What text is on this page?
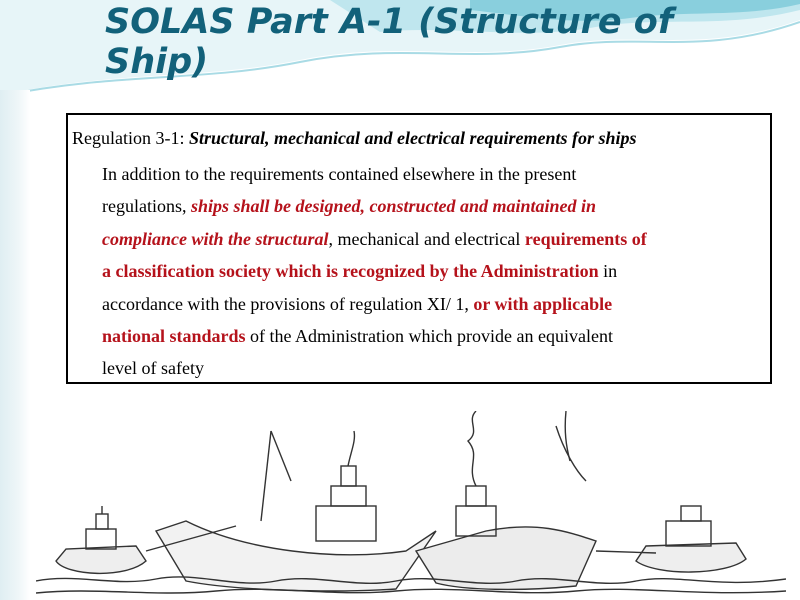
SOLAS Part A-1 (Structure of Ship)
Regulation 3-1: Structural, mechanical and electrical requirements for ships
In addition to the requirements contained elsewhere in the present
regulations, ships shall be designed, constructed and maintained in
compliance with the structural, mechanical and electrical requirements of
a classification society which is recognized by the Administration in
accordance with the provisions of regulation XI/ 1, or with applicable
national standards of the Administration which provide an equivalent
level of safety
